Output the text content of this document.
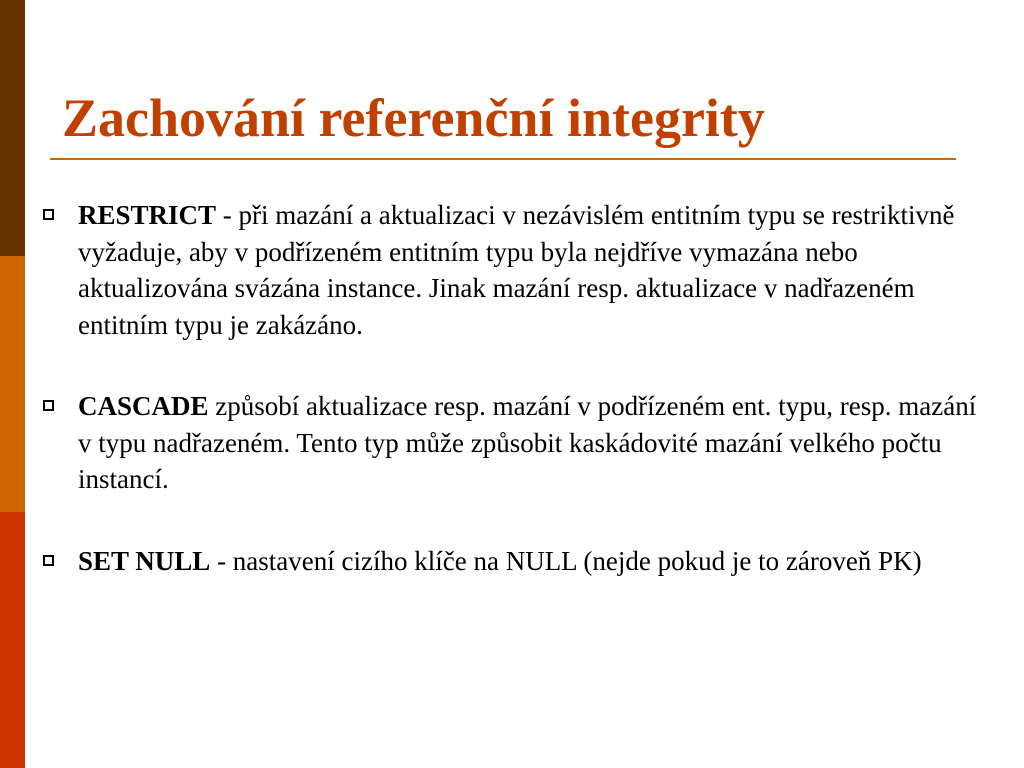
Zachování referenční integrity
RESTRICT - při mazání a aktualizaci v nezávislém entitním typu se restriktivně vyžaduje, aby v podřízeném entitním typu byla nejdříve vymazána nebo aktualizována svázána instance. Jinak mazání resp. aktualizace v nadřazeném entitním typu je zakázáno.
CASCADE způsobí aktualizace resp. mazání v podřízeném ent. typu, resp. mazání v typu nadřazeném. Tento typ může způsobit kaskádovité mazání velkého počtu instancí.
SET NULL - nastavení cizího klíče na NULL (nejde pokud je to zároveň PK)
